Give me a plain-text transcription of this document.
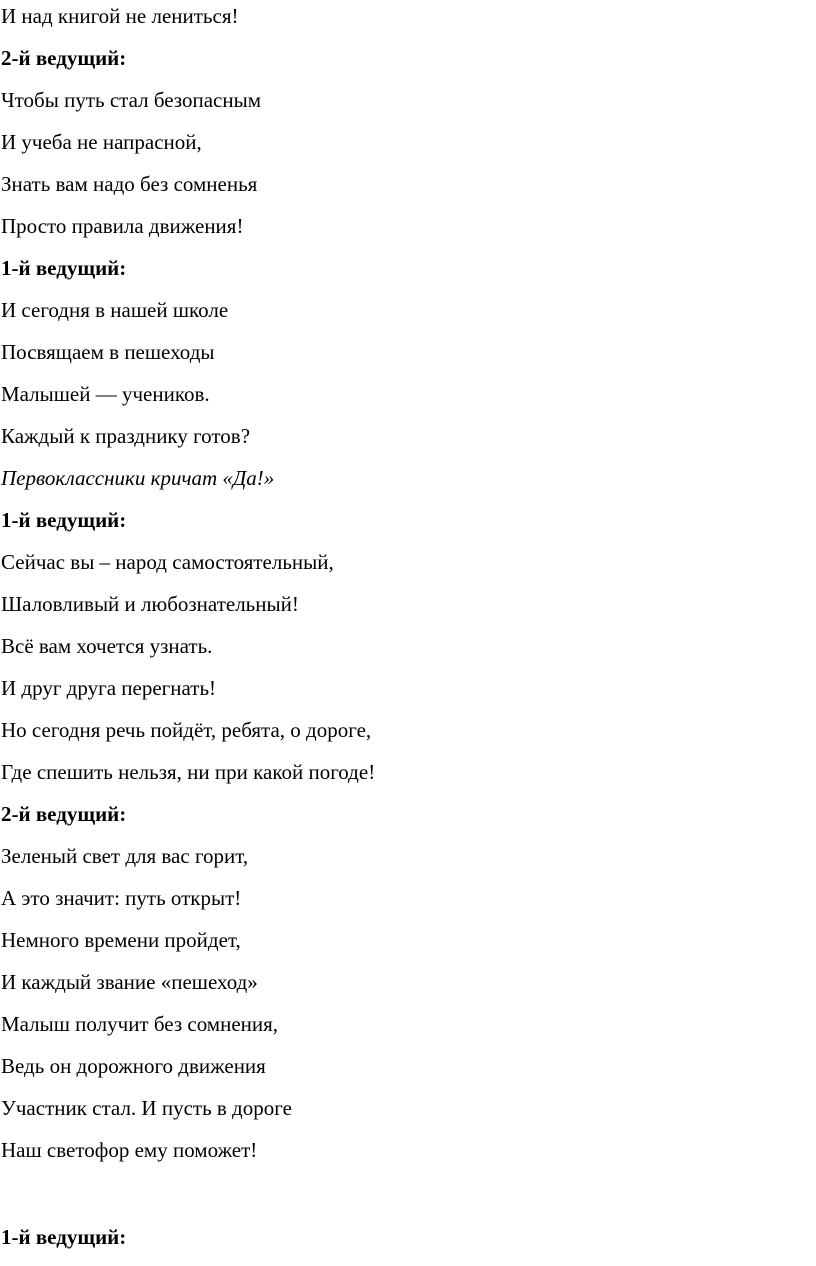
И над книгой не лениться!
2-й ведущий:
Чтобы путь стал безопасным
И учеба не напрасной,
Знать вам надо без сомненья
Просто правила движения!
1-й ведущий:
И сегодня в нашей школе
Посвящаем в пешеходы
Малышей — учеников.
Каждый к празднику готов?
Первоклассники кричат «Да!»
1-й ведущий:
Сейчас вы – народ самостоятельный,
Шаловливый и любознательный!
Всё вам хочется узнать.
И друг друга перегнать!
Но сегодня речь пойдёт, ребята, о дороге,
Где спешить нельзя, ни при какой погоде!
2-й ведущий:
Зеленый свет для вас горит,
А это значит: путь открыт!
Немного времени пройдет,
И каждый звание «пешеход»
Малыш получит без сомнения,
Ведь он дорожного движения
Участник стал. И пусть в дороге
Наш светофор ему поможет!
1-й ведущий:
